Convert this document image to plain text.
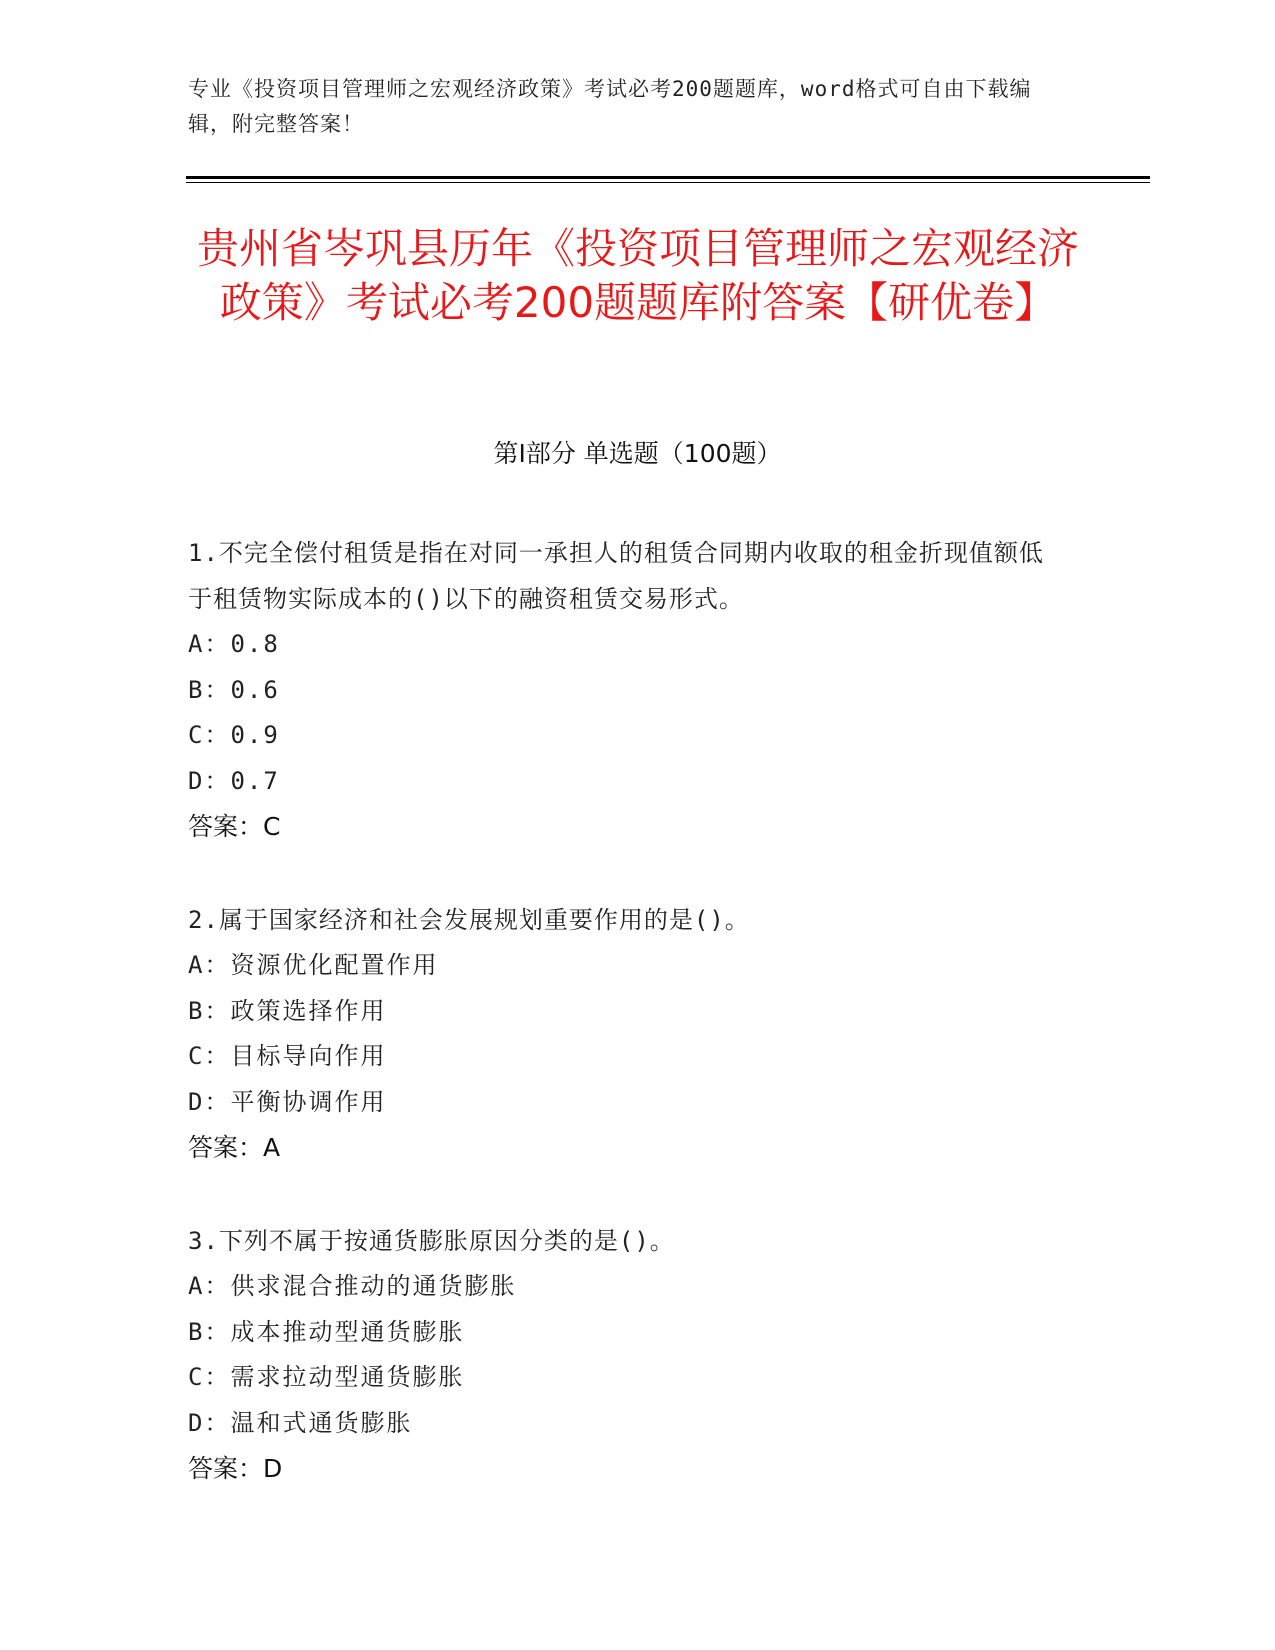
专业《投资项目管理师之宏观经济政策》考试必考200题题库，word格式可自由下载编辑，附完整答案！
贵州省岑巩县历年《投资项目管理师之宏观经济政策》考试必考200题题库附答案【研优卷】
第Ⅰ部分 单选题（100题）
1.不完全偿付租赁是指在对同一承担人的租赁合同期内收取的租金折现值额低于租赁物实际成本的()以下的融资租赁交易形式。
A：0.8
B：0.6
C：0.9
D：0.7
答案：C
2.属于国家经济和社会发展规划重要作用的是()。
A：资源优化配置作用
B：政策选择作用
C：目标导向作用
D：平衡协调作用
答案：A
3.下列不属于按通货膨胀原因分类的是()。
A：供求混合推动的通货膨胀
B：成本推动型通货膨胀
C：需求拉动型通货膨胀
D：温和式通货膨胀
答案：D
